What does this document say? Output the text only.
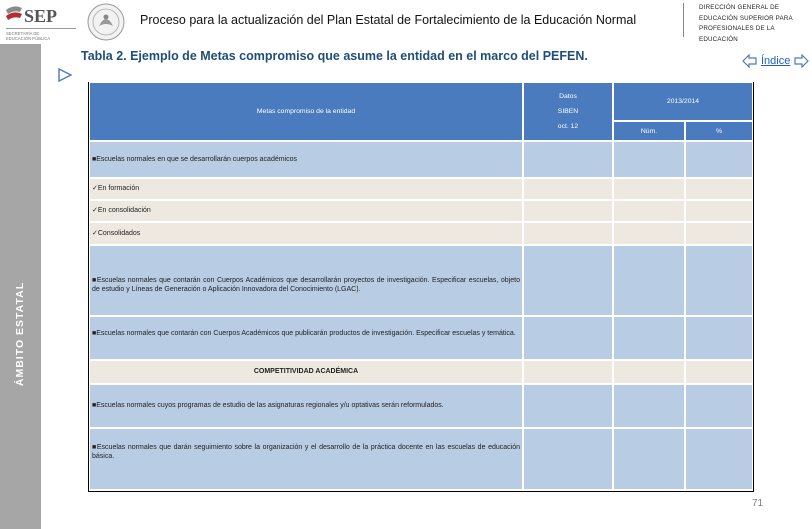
SEP
SECRETARÍA DE
EDUCACIÓN PÚBLICA
Proceso para la actualización del Plan Estatal de Fortalecimiento de la Educación Normal
DIRECCIÓN GENERAL DE EDUCACIÓN SUPERIOR PARA PROFESIONALES DE LA EDUCACIÓN
ÁMBITO ESTATAL
Tabla 2. Ejemplo de Metas compromiso que asume la entidad en el marco del PEFEN.	Índice
Metas compromiso de la entidad
Datos
SIBEN
oct. 12
2013/2014
Núm.	%
■ Escuelas normales en que se desarrollarán cuerpos académicos
✓ En formación
✓ En consolidación
✓ Consolidados
■Escuelas normales que contarán con Cuerpos Académicos que desarrollarán proyectos de investigación. Especificar escuelas, objeto de estudio y Líneas de Generación o Aplicación Innovadora del Conocimiento (LGAC).
■Escuelas normales que contarán con Cuerpos Académicos que publicarán productos de investigación. Especificar escuelas y temática.
COMPETITIVIDAD ACADÉMICA
■ Escuelas normales cuyos programas de estudio de las asignaturas regionales y/u optativas serán reformulados.
■Escuelas normales que darán seguimiento sobre la organización y el desarrollo de la práctica docente en las escuelas de educación básica.
71
